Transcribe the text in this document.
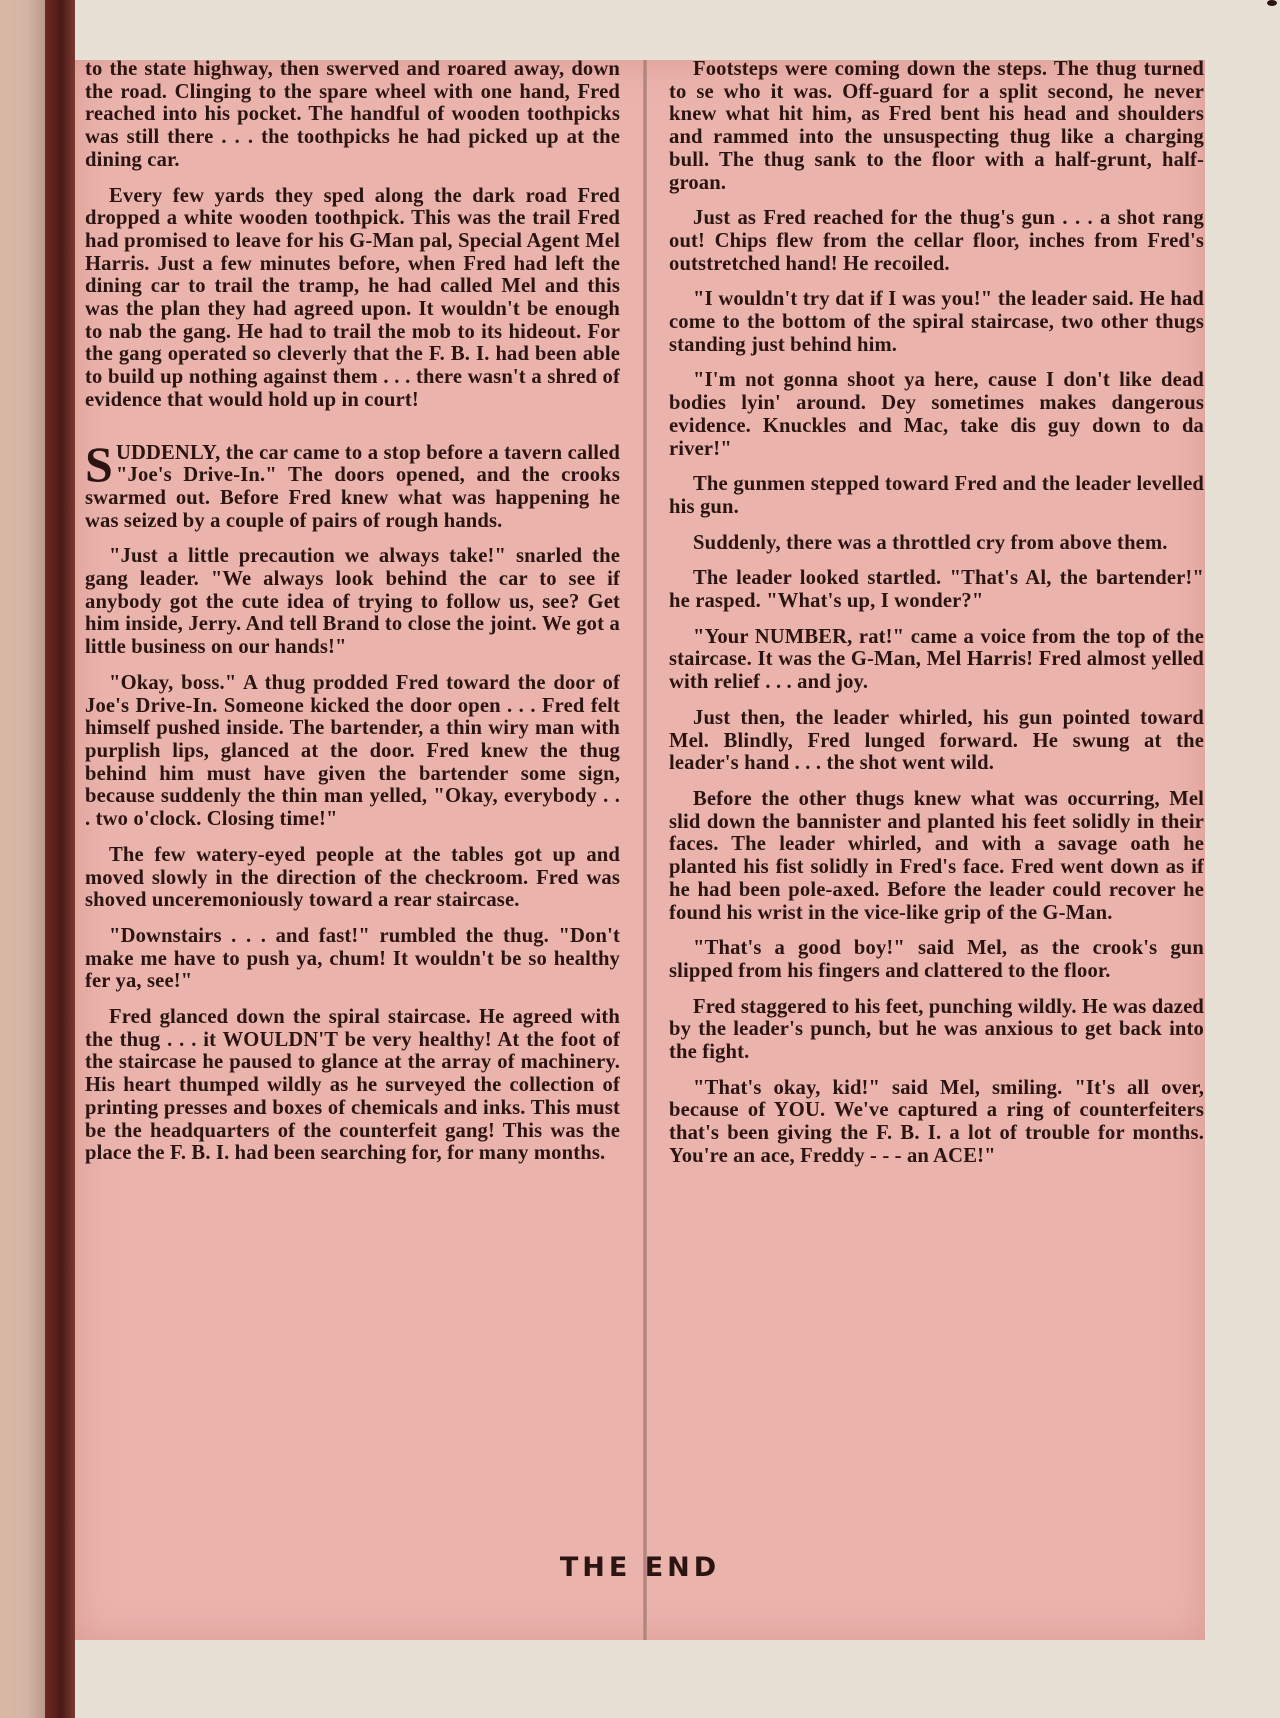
to the state highway, then swerved and roared away, down the road. Clinging to the spare wheel with one hand, Fred reached into his pocket. The handful of wooden toothpicks was still there . . . the toothpicks he had picked up at the dining car.

Every few yards they sped along the dark road Fred dropped a white wooden toothpick. This was the trail Fred had promised to leave for his G-Man pal, Special Agent Mel Harris. Just a few minutes before, when Fred had left the dining car to trail the tramp, he had called Mel and this was the plan they had agreed upon. It wouldn't be enough to nab the gang. He had to trail the mob to its hideout. For the gang operated so cleverly that the F. B. I. had been able to build up nothing against them . . . there wasn't a shred of evidence that would hold up in court!

SUDDENLY, the car came to a stop before a tavern called "Joe's Drive-In." The doors opened, and the crooks swarmed out. Before Fred knew what was happening he was seized by a couple of pairs of rough hands.

"Just a little precaution we always take!" snarled the gang leader. "We always look behind the car to see if anybody got the cute idea of trying to follow us, see? Get him inside, Jerry. And tell Brand to close the joint. We got a little business on our hands!"

"Okay, boss." A thug prodded Fred toward the door of Joe's Drive-In. Someone kicked the door open . . . Fred felt himself pushed inside. The bartender, a thin wiry man with purplish lips, glanced at the door. Fred knew the thug behind him must have given the bartender some sign, because suddenly the thin man yelled, "Okay, everybody . . . two o'clock. Closing time!"

The few watery-eyed people at the tables got up and moved slowly in the direction of the checkroom. Fred was shoved unceremoniously toward a rear staircase.

"Downstairs . . . and fast!" rumbled the thug. "Don't make me have to push ya, chum! It wouldn't be so healthy fer ya, see!"

Fred glanced down the spiral staircase. He agreed with the thug . . . it WOULDN'T be very healthy! At the foot of the staircase he paused to glance at the array of machinery. His heart thumped wildly as he surveyed the collection of printing presses and boxes of chemicals and inks. This must be the headquarters of the counterfeit gang! This was the place the F. B. I. had been searching for, for many months.

Footsteps were coming down the steps. The thug turned to se who it was. Off-guard for a split second, he never knew what hit him, as Fred bent his head and shoulders and rammed into the unsuspecting thug like a charging bull. The thug sank to the floor with a half-grunt, half-groan.

Just as Fred reached for the thug's gun . . . a shot rang out! Chips flew from the cellar floor, inches from Fred's outstretched hand! He recoiled.

"I wouldn't try dat if I was you!" the leader said. He had come to the bottom of the spiral staircase, two other thugs standing just behind him.

"I'm not gonna shoot ya here, cause I don't like dead bodies lyin' around. Dey sometimes makes dangerous evidence. Knuckles and Mac, take dis guy down to da river!"

The gunmen stepped toward Fred and the leader levelled his gun.

Suddenly, there was a throttled cry from above them.

The leader looked startled. "That's Al, the bartender!" he rasped. "What's up, I wonder?"

"Your NUMBER, rat!" came a voice from the top of the staircase. It was the G-Man, Mel Harris! Fred almost yelled with relief . . . and joy.

Just then, the leader whirled, his gun pointed toward Mel. Blindly, Fred lunged forward. He swung at the leader's hand . . . the shot went wild.

Before the other thugs knew what was occurring, Mel slid down the bannister and planted his feet solidly in their faces. The leader whirled, and with a savage oath he planted his fist solidly in Fred's face. Fred went down as if he had been pole-axed. Before the leader could recover he found his wrist in the vice-like grip of the G-Man.

"That's a good boy!" said Mel, as the crook's gun slipped from his fingers and clattered to the floor.

Fred staggered to his feet, punching wildly. He was dazed by the leader's punch, but he was anxious to get back into the fight.

"That's okay, kid!" said Mel, smiling. "It's all over, because of YOU. We've captured a ring of counterfeiters that's been giving the F. B. I. a lot of trouble for months. You're an ace, Freddy - - - an ACE!"

THE END
